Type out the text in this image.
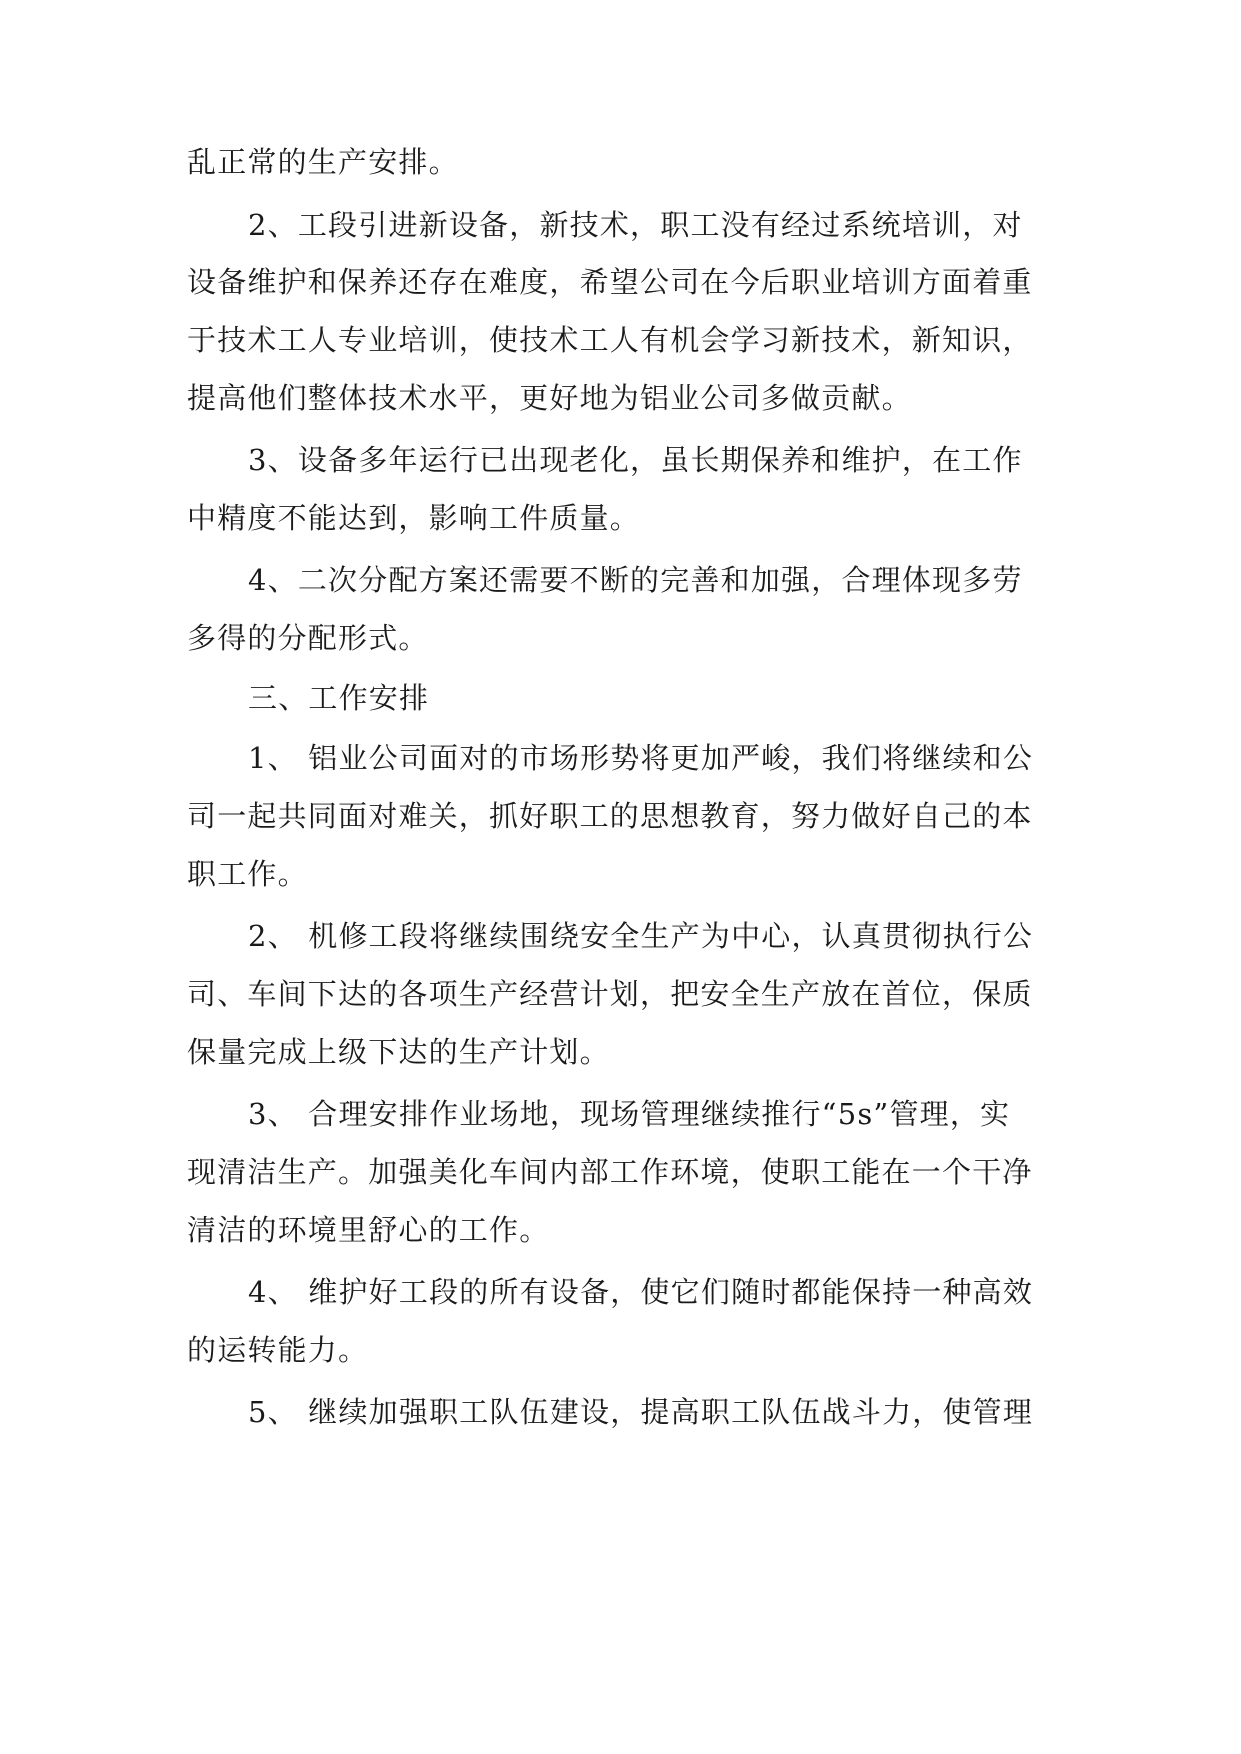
乱正常的生产安排。
2、工段引进新设备，新技术，职工没有经过系统培训，对
设备维护和保养还存在难度，希望公司在今后职业培训方面着重
于技术工人专业培训，使技术工人有机会学习新技术，新知识，
提高他们整体技术水平，更好地为铝业公司多做贡献。
3、设备多年运行已出现老化，虽长期保养和维护，在工作
中精度不能达到，影响工件质量。
4、二次分配方案还需要不断的完善和加强，合理体现多劳
多得的分配形式。
三、工作安排
1、 铝业公司面对的市场形势将更加严峻，我们将继续和公
司一起共同面对难关，抓好职工的思想教育，努力做好自己的本
职工作。
2、 机修工段将继续围绕安全生产为中心，认真贯彻执行公
司、车间下达的各项生产经营计划，把安全生产放在首位，保质
保量完成上级下达的生产计划。
3、 合理安排作业场地，现场管理继续推行“5s”管理，实
现清洁生产。加强美化车间内部工作环境，使职工能在一个干净
清洁的环境里舒心的工作。
4、 维护好工段的所有设备，使它们随时都能保持一种高效
的运转能力。
5、 继续加强职工队伍建设，提高职工队伍战斗力，使管理
